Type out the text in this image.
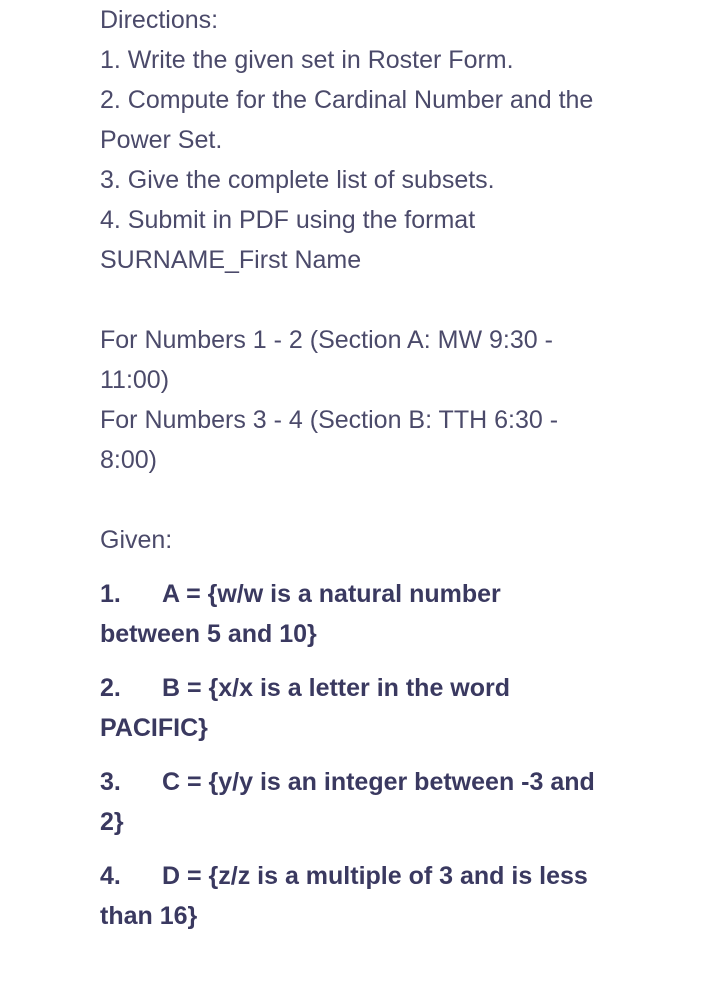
Directions:
1. Write the given set in Roster Form.
2. Compute for the Cardinal Number and the
Power Set.
3. Give the complete list of subsets.
4. Submit in PDF using the format
SURNAME_First Name
For Numbers 1 - 2 (Section A: MW 9:30 -
11:00)
For Numbers 3 - 4 (Section B: TTH 6:30 -
8:00)
Given:
1. A = {w/w is a natural number
between 5 and 10}
2. B = {x/x is a letter in the word
PACIFIC}
3. C = {y/y is an integer between -3 and
2}
4. D = {z/z is a multiple of 3 and is less
than 16}
